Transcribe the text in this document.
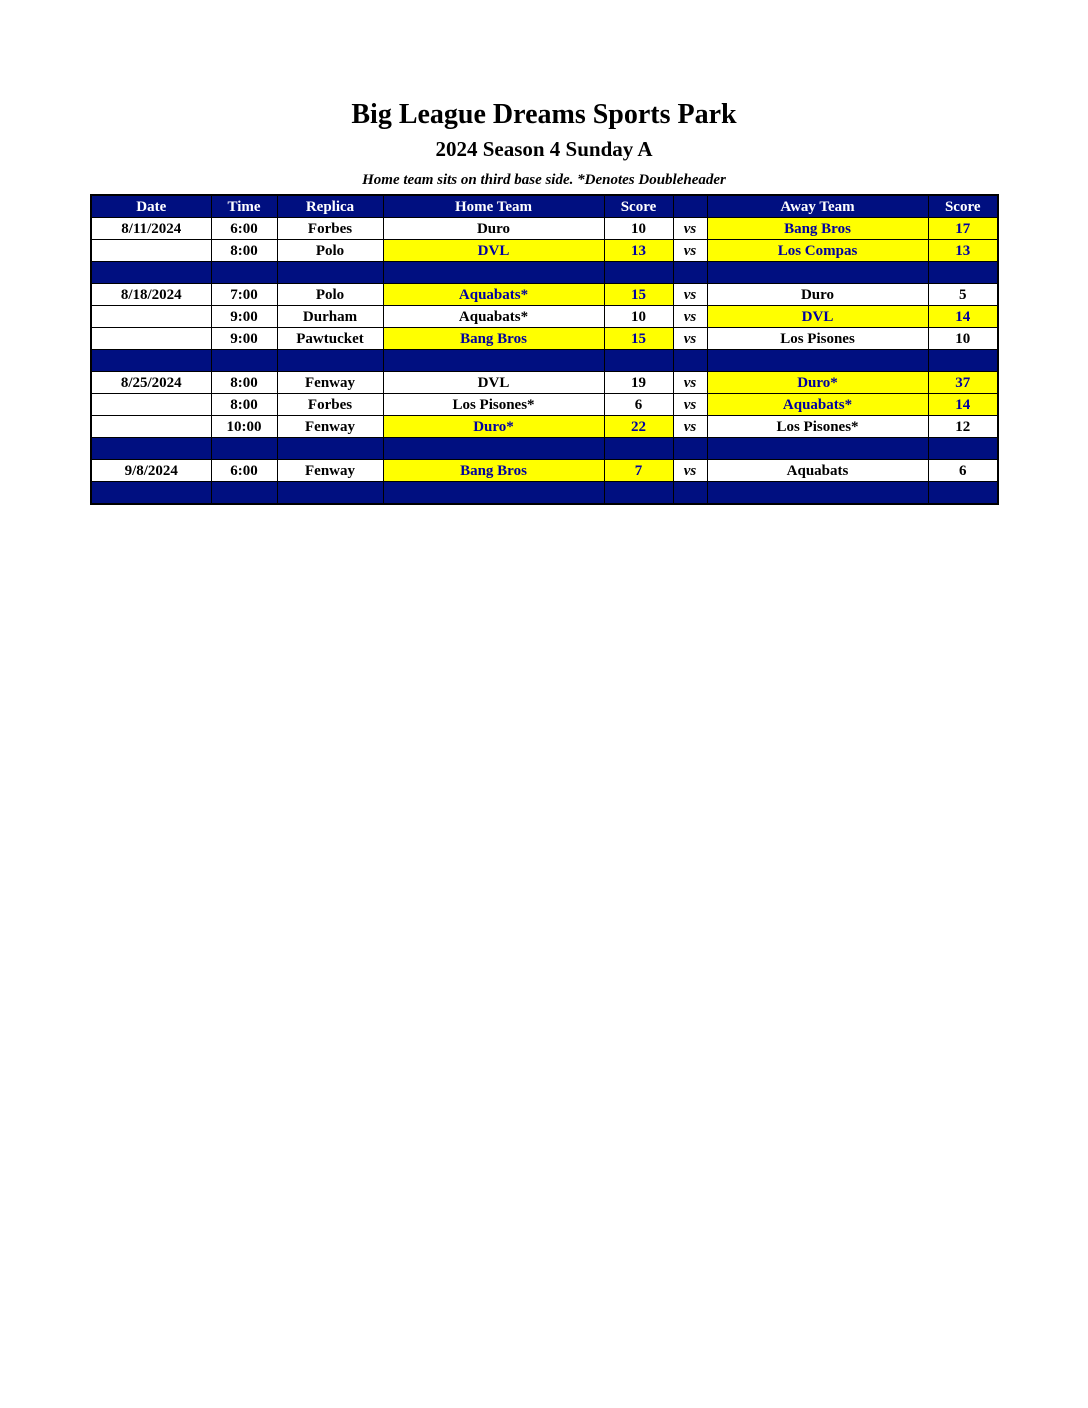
Big League Dreams Sports Park
2024 Season 4 Sunday A
Home team sits on third base side. *Denotes Doubleheader
Date	Time	Replica	Home Team	Score		Away Team	Score
8/11/2024	6:00	Forbes	Duro	10	vs	Bang Bros	17
	8:00	Polo	DVL	13	vs	Los Compas	13

8/18/2024	7:00	Polo	Aquabats*	15	vs	Duro	5
	9:00	Durham	Aquabats*	10	vs	DVL	14
	9:00	Pawtucket	Bang Bros	15	vs	Los Pisones	10

8/25/2024	8:00	Fenway	DVL	19	vs	Duro*	37
	8:00	Forbes	Los Pisones*	6	vs	Aquabats*	14
	10:00	Fenway	Duro*	22	vs	Los Pisones*	12

9/8/2024	6:00	Fenway	Bang Bros	7	vs	Aquabats	6
